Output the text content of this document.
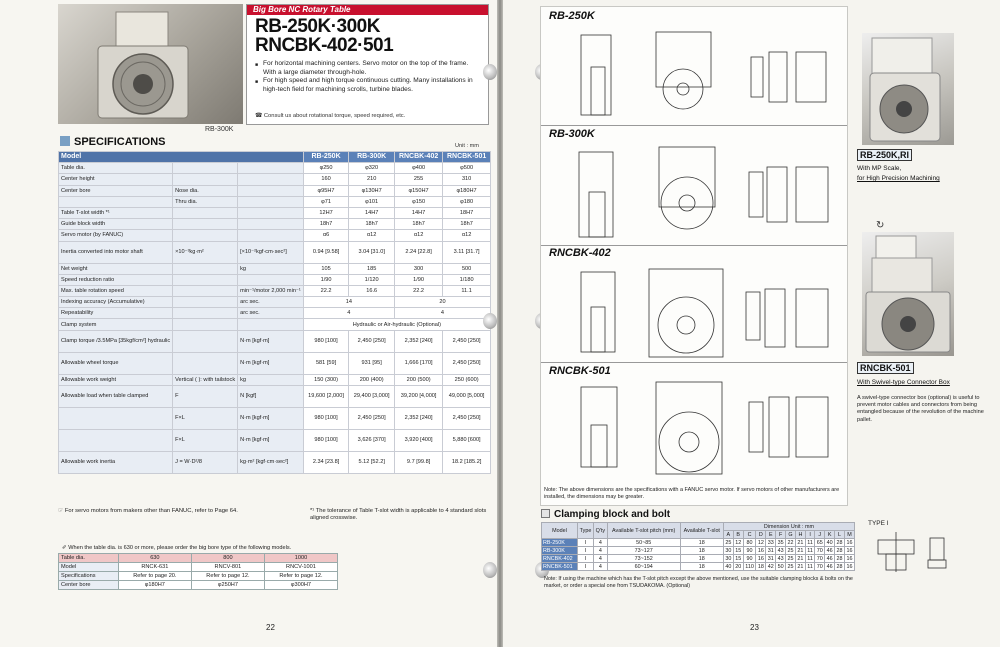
RB-300K
Big Bore NC Rotary Table
RB-250K·300K
RNCBK-402·501
■ For horizontal machining centers. Servo motor on the top of the frame. With a large diameter through-hole.
■ For high speed and high torque continuous cutting. Many installations in high-tech field for machining scrolls, turbine blades.
☎ Consult us about rotational torque, speed required, etc.
SPECIFICATIONS	Unit : mm
Model			RB-250K	RB-300K	RNCBK-402	RNCBK-501
Table dia.			φ250	φ320	φ400	φ500
Center height			160	210	255	310
Center bore	Nose dia.		φ95H7	φ130H7	φ150H7	φ180H7
	Thru dia.		φ71	φ101	φ150	φ180
Table T-slot width *¹			12H7	14H7	14H7	18H7
Guide block width			18h7	18h7	18h7	18h7
Servo motor (by FANUC)			α6	α12	α12	α12
Inertia converted into motor shaft	×10⁻³kg·m²	[×10⁻²kgf·cm·sec²]	0.94 [9.58]	3.04 [31.0]	2.24 [22.8]	3.11 [31.7]
Net weight		kg	105	185	300	500
Speed reduction ratio			1/90	1/120	1/90	1/180
Max. table rotation speed		min⁻¹/motor 2,000 min⁻¹	22.2	16.6	22.2	11.1
Indexing accuracy (Accumulative)		arc sec.	14		20	
Repeatability		arc sec.	4		4	
Clamp system			Hydraulic or Air-hydraulic (Optional)			
Clamp torque /3.5MPa [35kgf/cm²] hydraulic		N·m [kgf·m]	980 [100]	2,450 [250]	2,352 [240]	2,450 [250]
Allowable wheel torque		N·m [kgf·m]	581 [59]	931 [95]	1,666 [170]	2,450 [250]
Allowable work weight	Vertical ( ): with tailstock	kg	150 (300)	200 (400)	200 (500)	250 (600)
Allowable load when table clamped	F	N [kgf]	19,600 [2,000]	29,400 [3,000]	39,200 [4,000]	49,000 [5,000]
	F×L	N·m [kgf·m]	980 [100]	2,450 [250]	2,352 [240]	2,450 [250]
	F×L	N·m [kgf·m]	980 [100]	3,626 [370]	3,920 [400]	5,880 [600]
Allowable work inertia	J = W·D²/8	kg·m² [kgf·cm·sec²]	2.34 [23.8]	5.12 [52.2]	9.7 [99.8]	18.2 [185.2]
☞ For servo motors from makers other than FANUC, refer to Page 64.	*¹ The tolerance of Table T-slot width is applicable to 4 standard slots aligned crosswise.
✐ When the table dia. is 630 or more, please order the big bore type of the following models.
Table dia.	630	800	1000
Model	RNCK-631	RNCV-801	RNCV-1001
Specifications	Refer to page 20.	Refer to page 12.	Refer to page 12.
Center bore	φ180H7	φ250H7	φ300H7
22
RB-250K
RB-300K
RNCBK-402
RNCBK-501
Note: The above dimensions are the specifications with a FANUC servo motor. If servo motors of other manufacturers are installed, the dimensions may be greater.
Clamping block and bolt
Model	Type	Q'ty	Available T-slot pitch (mm)	Available T-slot	Dimension Unit : mm												
					A	B	C	D	E	F	G	H	I	J	K	L	M
RB-250K	I	4	50~85	18	25	12	80	12	33	35	22	21	11	65	40	28	16
RB-300K	I	4	73~127	18	30	15	90	16	31	43	25	21	11	70	46	28	16
RNCBK-402	I	4	73~152	18	30	15	90	16	31	43	25	21	11	70	46	28	16
RNCBK-501	I	4	60~194	18	40	20	110	18	42	50	25	21	11	70	46	28	16
Note: If using the machine which has the T-slot pitch except the above mentioned, use the suitable clamping blocks & bolts on the market, or order a special one from TSUDAKOMA. (Optional)
TYPE I
RB-250K,RI
With MP Scale,
for High Precision Machining
↻
RNCBK-501
With Swivel-type Connector Box
A swivel-type connector box (optional) is useful to prevent motor cables and connectors from being entangled because of the revolution of the machine pallet.
23
